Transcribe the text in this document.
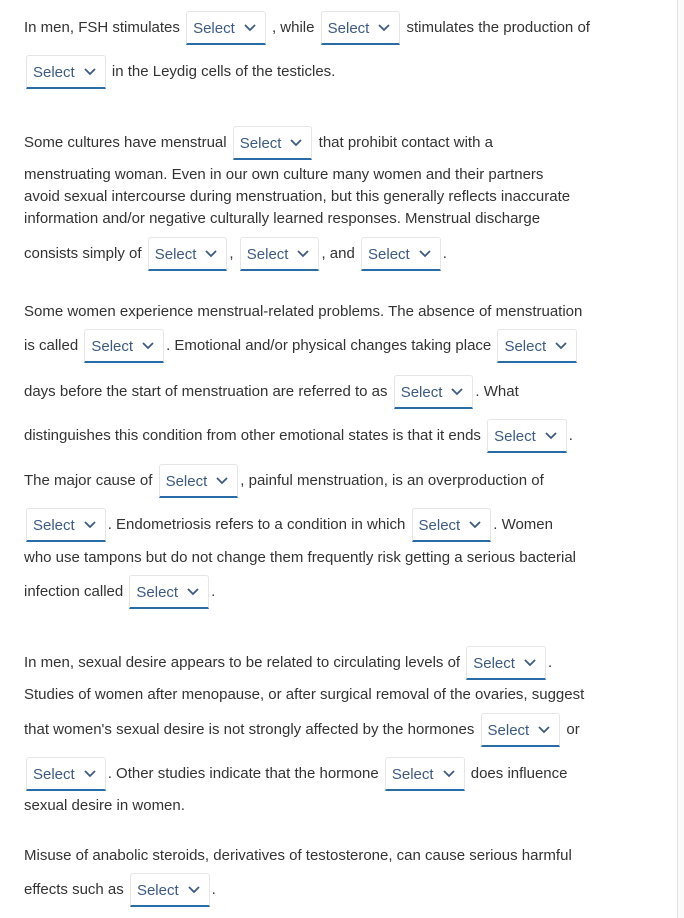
In men, FSH stimulates Select , while Select stimulates the production of
Select in the Leydig cells of the testicles.
Some cultures have menstrual Select that prohibit contact with a
menstruating woman. Even in our own culture many women and their partners
avoid sexual intercourse during menstruation, but this generally reflects inaccurate
information and/or negative culturally learned responses. Menstrual discharge
consists simply of Select , Select , and Select .
Some women experience menstrual-related problems. The absence of menstruation
is called Select . Emotional and/or physical changes taking place Select
days before the start of menstruation are referred to as Select . What
distinguishes this condition from other emotional states is that it ends Select .
The major cause of Select , painful menstruation, is an overproduction of
Select . Endometriosis refers to a condition in which Select . Women
who use tampons but do not change them frequently risk getting a serious bacterial
infection called Select .
In men, sexual desire appears to be related to circulating levels of Select .
Studies of women after menopause, or after surgical removal of the ovaries, suggest
that women's sexual desire is not strongly affected by the hormones Select or
Select . Other studies indicate that the hormone Select does influence
sexual desire in women.
Misuse of anabolic steroids, derivatives of testosterone, can cause serious harmful
effects such as Select .
